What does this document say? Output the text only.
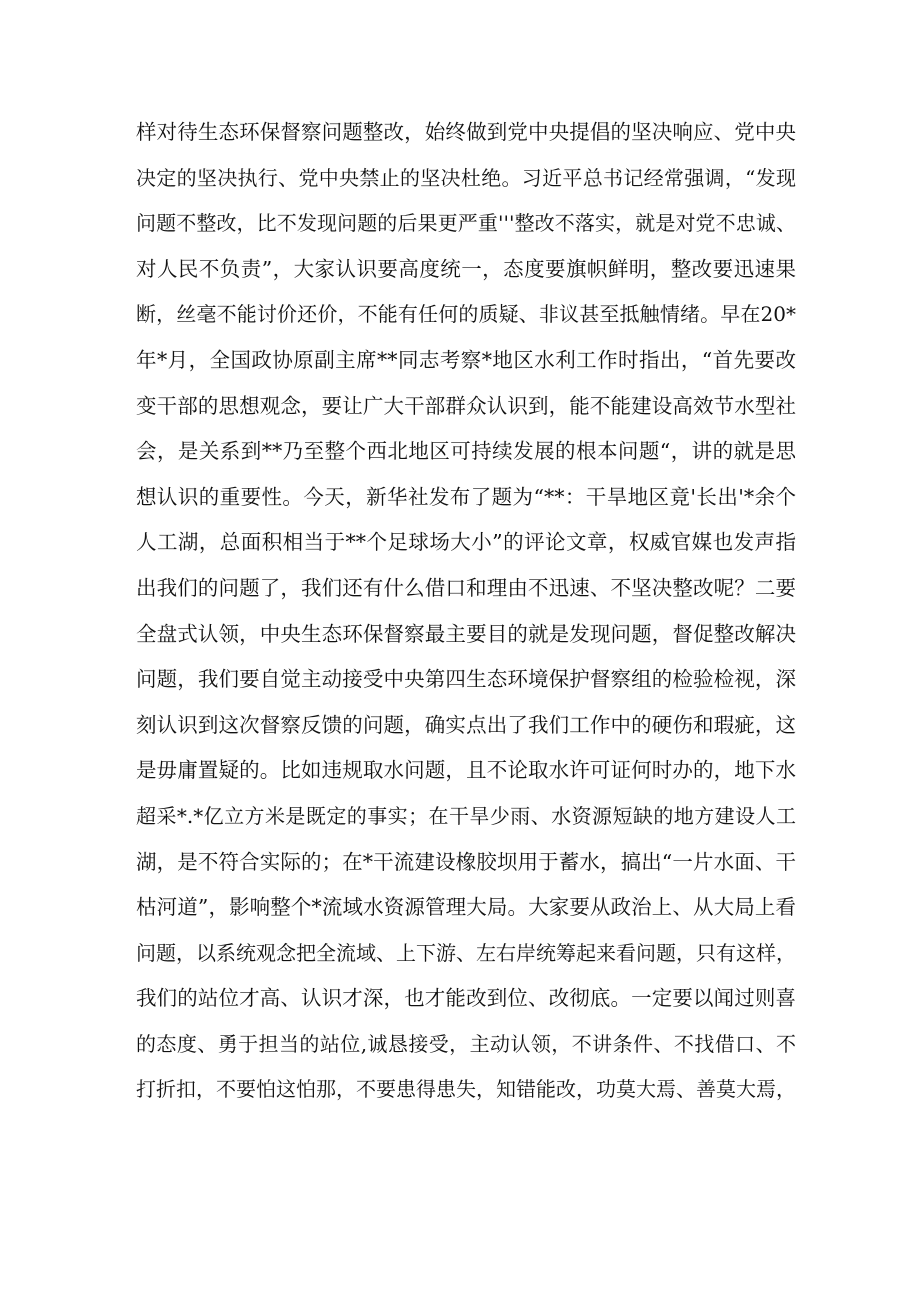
样对待生态环保督察问题整改，始终做到党中央提倡的坚决响应、党中央
决定的坚决执行、党中央禁止的坚决杜绝。习近平总书记经常强调，“发现
问题不整改，比不发现问题的后果更严重'''整改不落实，就是对党不忠诚、
对人民不负责”，大家认识要高度统一，态度要旗帜鲜明，整改要迅速果
断，丝毫不能讨价还价，不能有任何的质疑、非议甚至抵触情绪。早在20*
年*月，全国政协原副主席**同志考察*地区水利工作时指出，“首先要改
变干部的思想观念，要让广大干部群众认识到，能不能建设高效节水型社
会，是关系到**乃至整个西北地区可持续发展的根本问题“，讲的就是思
想认识的重要性。今天，新华社发布了题为“**：干旱地区竟'长出'*余个
人工湖，总面积相当于**个足球场大小”的评论文章，权威官媒也发声指
出我们的问题了，我们还有什么借口和理由不迅速、不坚决整改呢？二要
全盘式认领，中央生态环保督察最主要目的就是发现问题，督促整改解决
问题，我们要自觉主动接受中央第四生态环境保护督察组的检验检视，深
刻认识到这次督察反馈的问题，确实点出了我们工作中的硬伤和瑕疵，这
是毋庸置疑的。比如违规取水问题，且不论取水许可证何时办的，地下水
超采*.*亿立方米是既定的事实；在干旱少雨、水资源短缺的地方建设人工
湖，是不符合实际的；在*干流建设橡胶坝用于蓄水，搞出“一片水面、干
枯河道”，影响整个*流域水资源管理大局。大家要从政治上、从大局上看
问题，以系统观念把全流域、上下游、左右岸统筹起来看问题，只有这样，
我们的站位才高、认识才深，也才能改到位、改彻底。一定要以闻过则喜
的态度、勇于担当的站位,诚恳接受，主动认领，不讲条件、不找借口、不
打折扣，不要怕这怕那，不要患得患失，知错能改，功莫大焉、善莫大焉，
